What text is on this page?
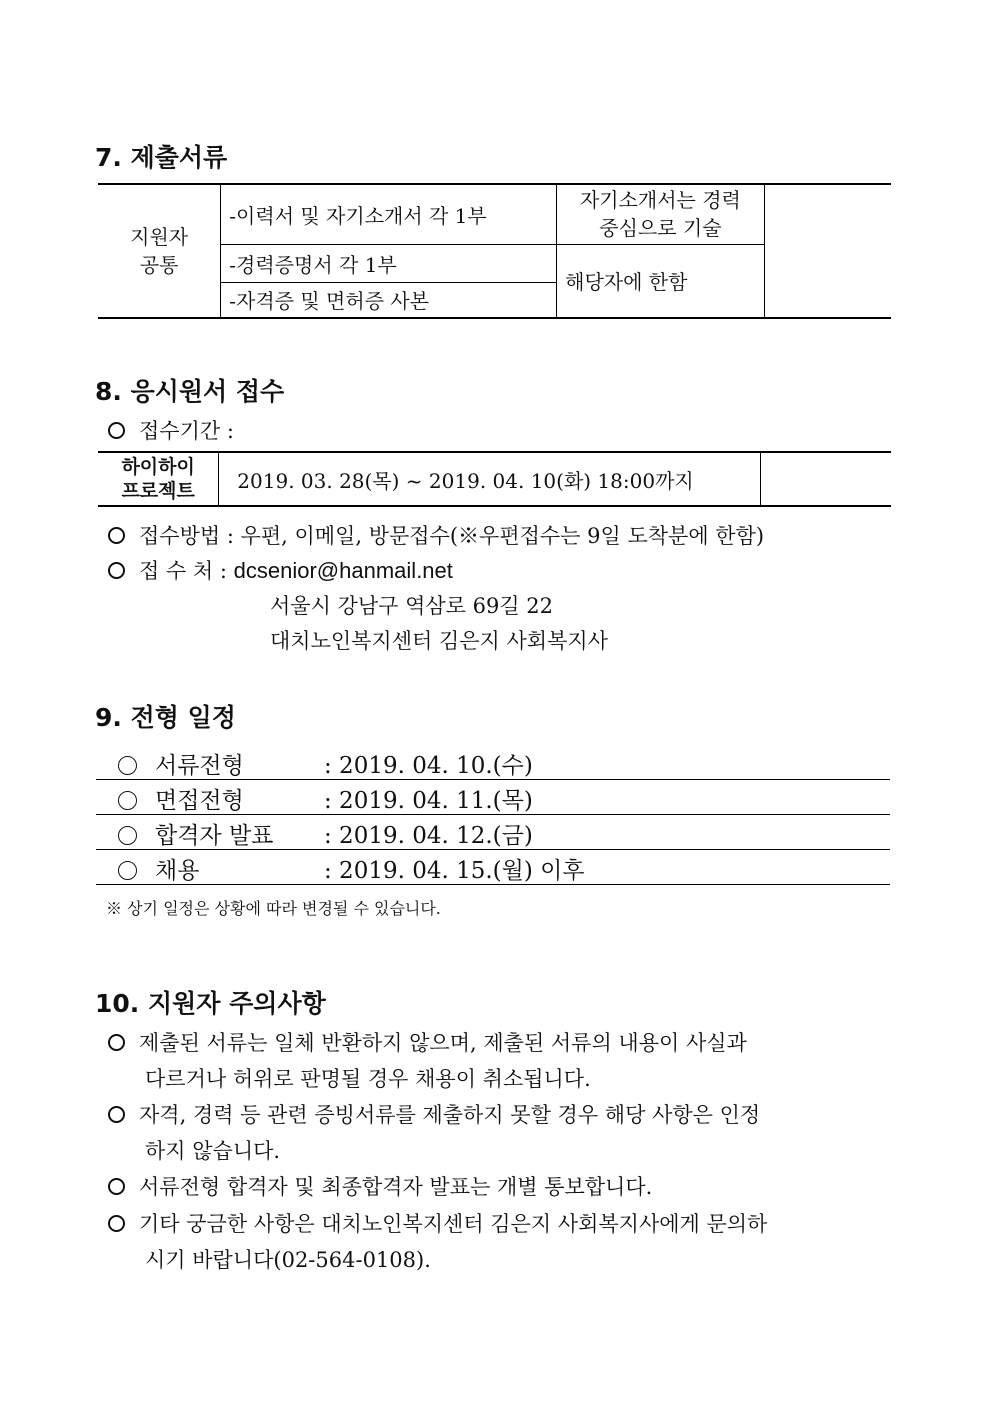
7. 제출서류
지원자
공통	-이력서 및 자기소개서 각 1부	자기소개서는 경력
중심으로 기술	
	-경력증명서 각 1부	해당자에 한함	
	-자격증 및 면허증 사본		
8. 응시원서 접수
접수기간 :
하이하이
프로젝트	2019. 03. 28(목) ~ 2019. 04. 10(화) 18:00까지	
접수방법 : 우편, 이메일, 방문접수(※우편접수는 9일 도착분에 한함)
접 수 처 : dcsenior@hanmail.net
서울시 강남구 역삼로 69길 22
대치노인복지센터 김은지 사회복지사
9. 전형 일정
서류전형	: 2019. 04. 10.(수)
면접전형	: 2019. 04. 11.(목)
합격자 발표 : 2019. 04. 12.(금)
채용	: 2019. 04. 15.(월) 이후
※ 상기 일정은 상황에 따라 변경될 수 있습니다.
10. 지원자 주의사항
제출된 서류는 일체 반환하지 않으며, 제출된 서류의 내용이 사실과
다르거나 허위로 판명될 경우 채용이 취소됩니다.
자격, 경력 등 관련 증빙서류를 제출하지 못할 경우 해당 사항은 인정
하지 않습니다.
서류전형 합격자 및 최종합격자 발표는 개별 통보합니다.
기타 궁금한 사항은 대치노인복지센터 김은지 사회복지사에게 문의하
시기 바랍니다(02-564-0108).
